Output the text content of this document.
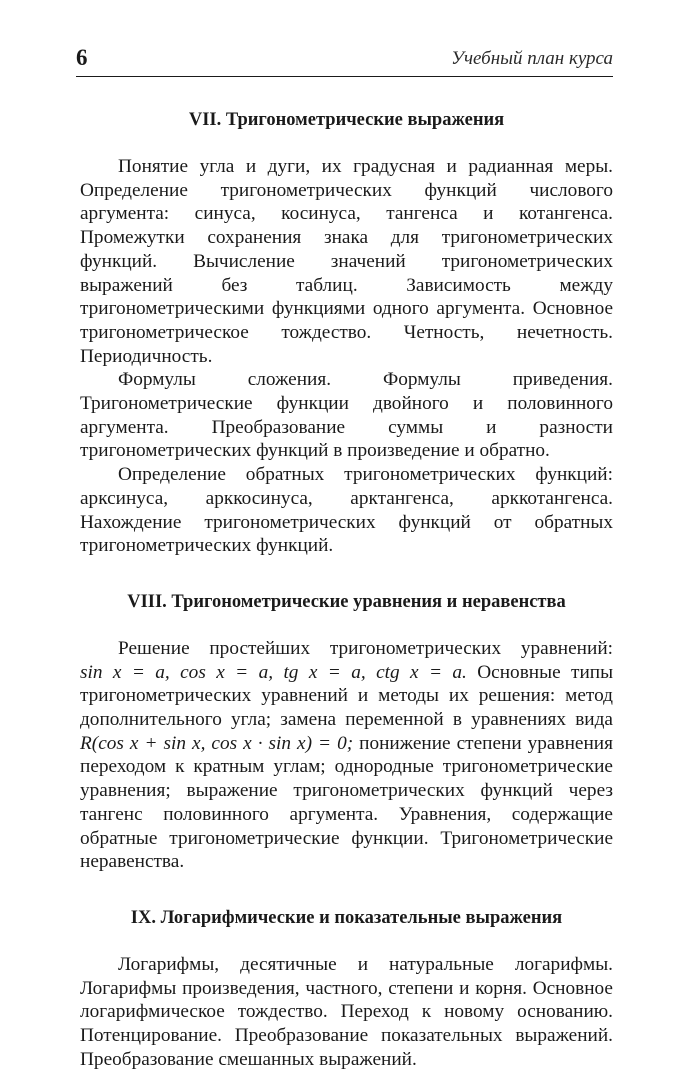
6	Учебный план курса
VII. Тригонометрические выражения

Понятие угла и дуги, их градусная и радианная меры. Определение тригонометрических функций числового аргумента: синуса, косинуса, тангенса и котангенса. Промежутки сохранения знака для тригонометрических функций. Вычисление значений тригонометрических выражений без таблиц. Зависимость между тригонометрическими функциями одного аргумента. Основное тригонометрическое тождество. Четность, нечетность. Периодичность.

Формулы сложения. Формулы приведения. Тригонометрические функции двойного и половинного аргумента. Преобразование суммы и разности тригонометрических функций в произведение и обратно.

Определение обратных тригонометрических функций: арксинуса, арккосинуса, арктангенса, арккотангенса. Нахождение тригонометрических функций от обратных тригонометрических функций.

VIII. Тригонометрические уравнения и неравенства

Решение простейших тригонометрических уравнений: sin x = a, cos x = a, tg x = a, ctg x = a. Основные типы тригонометрических уравнений и методы их решения: метод дополнительного угла; замена переменной в уравнениях вида R(cos x + sin x, cos x · sin x) = 0; понижение степени уравнения переходом к кратным углам; однородные тригонометрические уравнения; выражение тригонометрических функций через тангенс половинного аргумента. Уравнения, содержащие обратные тригонометрические функции. Тригонометрические неравенства.

IX. Логарифмические и показательные выражения

Логарифмы, десятичные и натуральные логарифмы. Логарифмы произведения, частного, степени и корня. Основное логарифмическое тождество. Переход к новому основанию. Потенцирование. Преобразование показательных выражений. Преобразование смешанных выражений.
